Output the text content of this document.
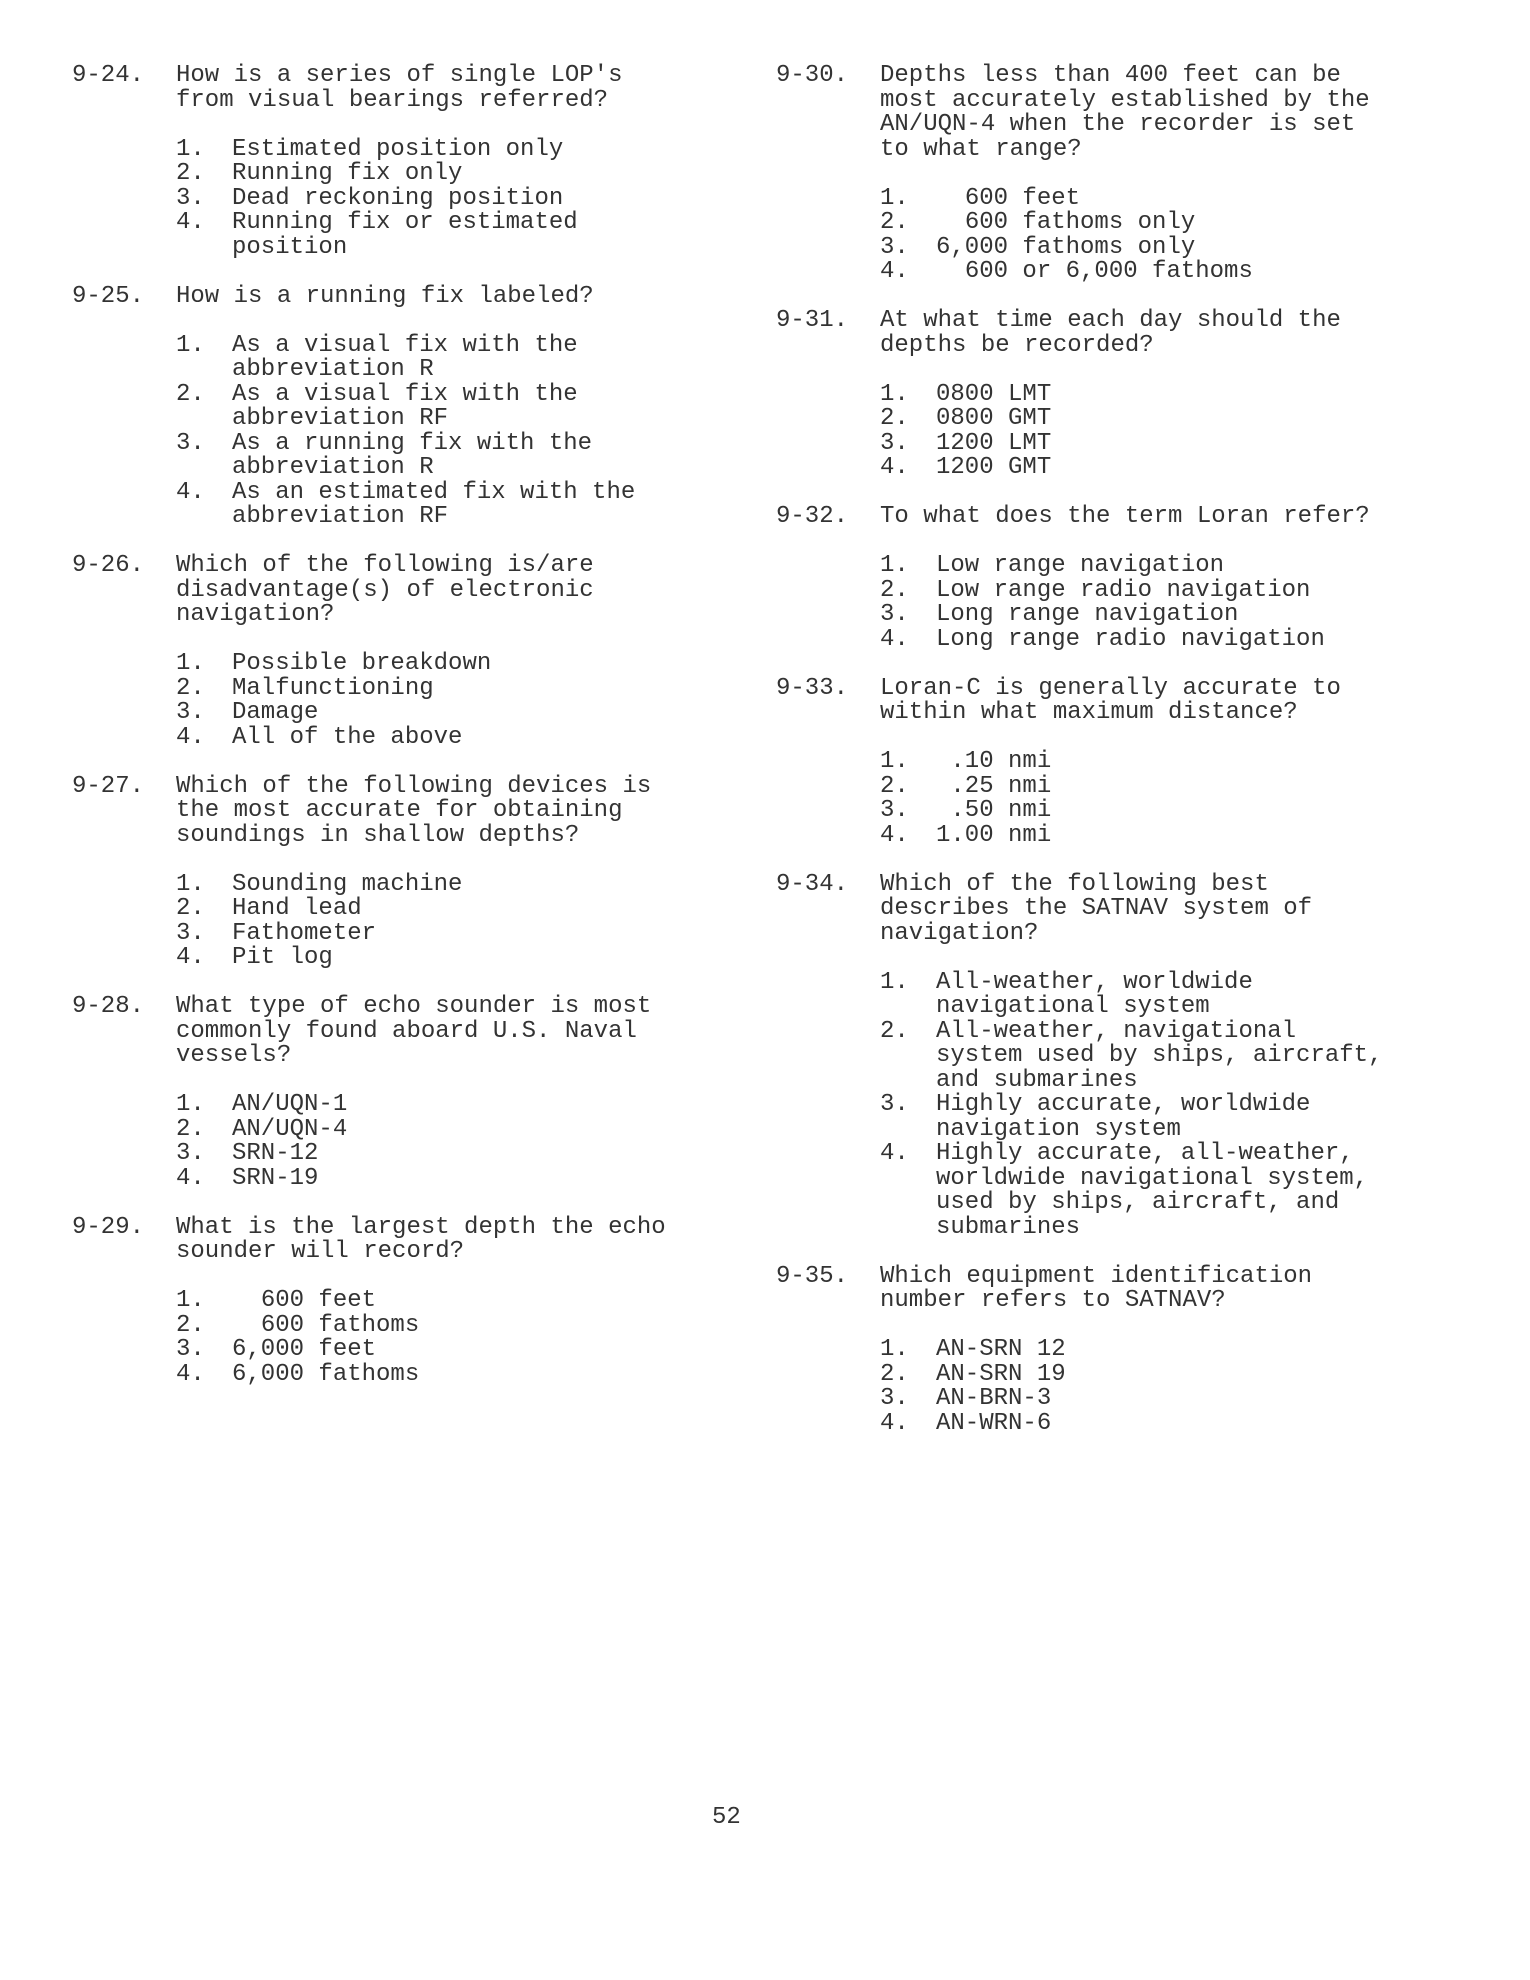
9-24.	How is a series of single LOP's
from visual bearings referred?
1.	Estimated position only
2.	Running fix only
3.	Dead reckoning position
4.	Running fix or estimated
position
9-25.	How is a running fix labeled?
1.	As a visual fix with the
abbreviation R
2.	As a visual fix with the
abbreviation RF
3.	As a running fix with the
abbreviation R
4.	As an estimated fix with the
abbreviation RF
9-26.	Which of the following is/are
disadvantage(s) of electronic
navigation?
1.	Possible breakdown
2.	Malfunctioning
3.	Damage
4.	All of the above
9-27.	Which of the following devices is
the most accurate for obtaining
soundings in shallow depths?
1.	Sounding machine
2.	Hand lead
3.	Fathometer
4.	Pit log
9-28.	What type of echo sounder is most
commonly found aboard U.S. Naval
vessels?
1.	AN/UQN-1
2.	AN/UQN-4
3.	SRN-12
4.	SRN-19
9-29.	What is the largest depth the echo
sounder will record?
1.	600 feet
2.	600 fathoms
3.	6,000 feet
4.	6,000 fathoms
9-30.	Depths less than 400 feet can be
most accurately established by the
AN/UQN-4 when the recorder is set
to what range?
1.	600 feet
2.	600 fathoms only
3.	6,000 fathoms only
4.	600 or 6,000 fathoms
9-31.	At what time each day should the
depths be recorded?
1.	0800 LMT
2.	0800 GMT
3.	1200 LMT
4.	1200 GMT
9-32.	To what does the term Loran refer?
1.	Low range navigation
2.	Low range radio navigation
3.	Long range navigation
4.	Long range radio navigation
9-33.	Loran-C is generally accurate to
within what maximum distance?
1.	.10 nmi
2.	.25 nmi
3.	.50 nmi
4.	1.00 nmi
9-34.	Which of the following best
describes the SATNAV system of
navigation?
1.	All-weather, worldwide
navigational system
2.	All-weather, navigational
system used by ships, aircraft,
and submarines
3.	Highly accurate, worldwide
navigation system
4.	Highly accurate, all-weather,
worldwide navigational system,
used by ships, aircraft, and
submarines
9-35.	Which equipment identification
number refers to SATNAV?
1.	AN-SRN 12
2.	AN-SRN 19
3.	AN-BRN-3
4.	AN-WRN-6
52
